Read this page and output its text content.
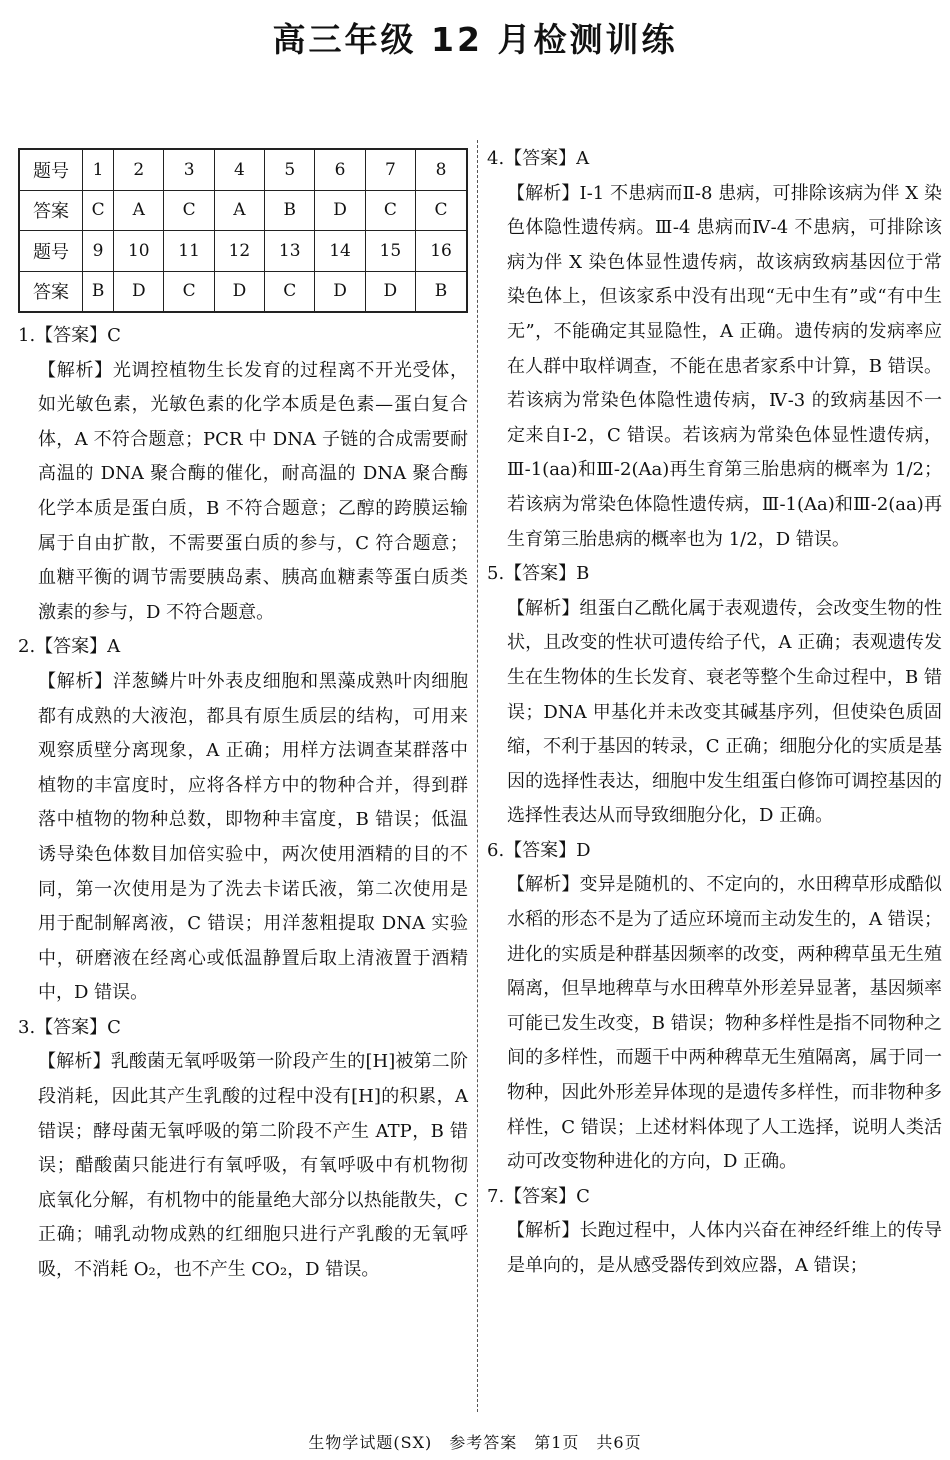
高三年级 12 月检测训练
题号	1	2	3	4	5	6	7	8
答案	C	A	C	A	B	D	C	C
题号	9	10	11	12	13	14	15	16
答案	B	D	C	D	C	D	D	B
1.【答案】C
【解析】光调控植物生长发育的过程离不开光受体，如光敏色素，光敏色素的化学本质是色素—蛋白复合体，A 不符合题意；PCR 中 DNA 子链的合成需要耐高温的 DNA 聚合酶的催化，耐高温的 DNA 聚合酶化学本质是蛋白质，B 不符合题意；乙醇的跨膜运输属于自由扩散，不需要蛋白质的参与，C 符合题意；血糖平衡的调节需要胰岛素、胰高血糖素等蛋白质类激素的参与，D 不符合题意。
2.【答案】A
【解析】洋葱鳞片叶外表皮细胞和黑藻成熟叶肉细胞都有成熟的大液泡，都具有原生质层的结构，可用来观察质壁分离现象，A 正确；用样方法调查某群落中植物的丰富度时，应将各样方中的物种合并，得到群落中植物的物种总数，即物种丰富度，B 错误；低温诱导染色体数目加倍实验中，两次使用酒精的目的不同，第一次使用是为了洗去卡诺氏液，第二次使用是用于配制解离液，C 错误；用洋葱粗提取 DNA 实验中，研磨液在经离心或低温静置后取上清液置于酒精中，D 错误。
3.【答案】C
【解析】乳酸菌无氧呼吸第一阶段产生的[H]被第二阶段消耗，因此其产生乳酸的过程中没有[H]的积累，A 错误；酵母菌无氧呼吸的第二阶段不产生 ATP，B 错误；醋酸菌只能进行有氧呼吸，有氧呼吸中有机物彻底氧化分解，有机物中的能量绝大部分以热能散失，C 正确；哺乳动物成熟的红细胞只进行产乳酸的无氧呼吸，不消耗 O₂，也不产生 CO₂，D 错误。
4.【答案】A
【解析】Ⅰ-1 不患病而Ⅱ-8 患病，可排除该病为伴 X 染色体隐性遗传病。Ⅲ-4 患病而Ⅳ-4 不患病，可排除该病为伴 X 染色体显性遗传病，故该病致病基因位于常染色体上，但该家系中没有出现“无中生有”或“有中生无”，不能确定其显隐性，A 正确。遗传病的发病率应在人群中取样调查，不能在患者家系中计算，B 错误。若该病为常染色体隐性遗传病，Ⅳ-3 的致病基因不一定来自Ⅰ-2，C 错误。若该病为常染色体显性遗传病，Ⅲ-1(aa)和Ⅲ-2(Aa)再生育第三胎患病的概率为 1/2；若该病为常染色体隐性遗传病，Ⅲ-1(Aa)和Ⅲ-2(aa)再生育第三胎患病的概率也为 1/2，D 错误。
5.【答案】B
【解析】组蛋白乙酰化属于表观遗传，会改变生物的性状，且改变的性状可遗传给子代，A 正确；表观遗传发生在生物体的生长发育、衰老等整个生命过程中，B 错误；DNA 甲基化并未改变其碱基序列，但使染色质固缩，不利于基因的转录，C 正确；细胞分化的实质是基因的选择性表达，细胞中发生组蛋白修饰可调控基因的选择性表达从而导致细胞分化，D 正确。
6.【答案】D
【解析】变异是随机的、不定向的，水田稗草形成酷似水稻的形态不是为了适应环境而主动发生的，A 错误；进化的实质是种群基因频率的改变，两种稗草虽无生殖隔离，但旱地稗草与水田稗草外形差异显著，基因频率可能已发生改变，B 错误；物种多样性是指不同物种之间的多样性，而题干中两种稗草无生殖隔离，属于同一物种，因此外形差异体现的是遗传多样性，而非物种多样性，C 错误；上述材料体现了人工选择，说明人类活动可改变物种进化的方向，D 正确。
7.【答案】C
【解析】长跑过程中，人体内兴奋在神经纤维上的传导是单向的，是从感受器传到效应器，A 错误；
生物学试题(SX)　参考答案　第1页　共6页
